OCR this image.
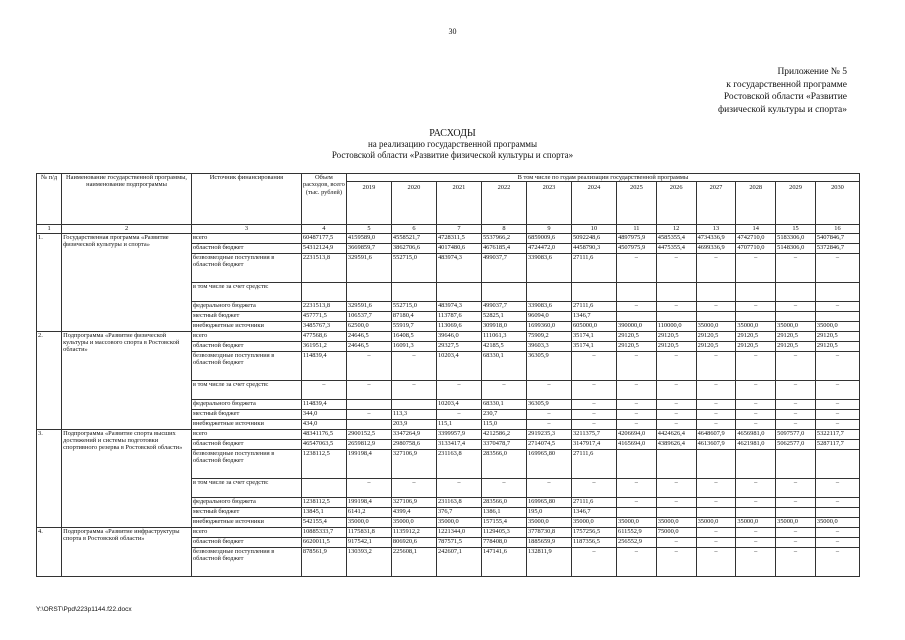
30
Приложение № 5
к государственной программе
Ростовской области «Развитие
физической культуры и спорта»
РАСХОДЫ
на реализацию государственной программы
Ростовской области «Развитие физической культуры и спорта»
№ п/д	Наименование государственной программы, наименование подпрограммы	Источник финансирования	Объем расходов, всего (тыс. рублей)	В том числе по годам реализации государственной программы											
				2019	2020	2021	2022	2023	2024	2025	2026	2027	2028	2029	2030
1	2	3	4	5	6	7	8	9	10	11	12	13	14	15	16
1.	Государственная программа «Развитие физической культуры и спорта»	всего	60487177,5	4159589,0	4558521,7	4728311,5	5537966,2	6859009,6	5092248,6	4897975,9	4585355,4	4734336,9	4742710,0	5183306,0	5407846,7
		областной бюджет	54312124,9	3669859,7	3862706,6	4017480,6	4676185,4	4724472,0	4458790,3	4507975,9	4475355,4	4699336,9	4707710,0	5148306,0	5372846,7
		безвозмездные поступления в областной бюджет	2231513,8	329591,6	552715,0	483974,3	499037,7	339083,6	27111,6	–	–	–	–	–	–
		в том числе за счет средств:													
		федерального бюджета	2231513,8	329591,6	552715,0	483974,3	499037,7	339083,6	27111,6	–	–	–	–	–	–
		местный бюджет	457771,5	106537,7	87180,4	113787,6	52825,1	96094,0	1346,7						
		внебюджетные источники	3485767,3	62500,0	55919,7	113069,6	309918,0	1699360,0	605000,0	390000,0	110000,0	35000,0	35000,0	35000,0	35000,0
2.	Подпрограмма «Развитие физической культуры и массового спорта в Ростовской области»	всего	477568,6	24646,5	16408,5	39646,0	111061,3	75909,2	35174,1	29120,5	29120,5	29120,5	29120,5	29120,5	29120,5
		областной бюджет	361951,2	24646,5	16091,3	29327,5	42185,5	39603,3	35174,1	29120,5	29120,5	29120,5	29120,5	29120,5	29120,5
		безвозмездные поступления в областной бюджет	114839,4	–	–	10203,4	68330,1	36305,9	–	–	–	–	–	–	–
		в том числе за счет средств:	–	–	–	–	–	–	–	–	–	–	–	–	–
		федерального бюджета	114839,4			10203,4	68330,1	36305,9	–	–	–	–	–	–	–
		местный бюджет	344,0	–	113,3	–	230,7	–	–	–	–	–	–	–	–
		внебюджетные источники	434,0		203,9	115,1	115,0	–	–	–	–	–	–	–	–
3.	Подпрограмма «Развитие спорта высших достижений и системы подготовки спортивного резерва в Ростовской области»	всего	48341176,5	2900152,5	3347264,9	3399957,9	4212586,2	2919235,3	3211375,7	4206694,0	4424626,4	4648607,9	4656981,0	5097577,0	5322117,7
		областной бюджет	46547063,5	2659812,9	2980758,6	3133417,4	3370478,7	2714074,5	3147917,4	4165694,0	4389626,4	4613607,9	4621981,0	5062577,0	5287117,7
		безвозмездные поступления в областной бюджет	1238112,5	199198,4	327106,9	231163,8	283566,0	169965,80	27111,6						
		в том числе за счет средств:		–	–	–	–	–	–	–	–	–	–	–	–
		федерального бюджета	1238112,5	199198,4	327106,9	231163,8	283566,0	169965,80	27111,6	–	–	–	–	–	–
		местный бюджет	13845,1	6141,2	4399,4	376,7	1386,1	195,0	1346,7						
		внебюджетные источники	542155,4	35000,0	35000,0	35000,0	157155,4	35000,0	35000,0	35000,0	35000,0	35000,0	35000,0	35000,0	35000,0
4.	Подпрограмма «Развитие инфраструктуры спорта в Ростовской области»	всего	10885333,7	1175831,8	1135912,2	1221344,0	1129405,3	3778730,8	1757256,5	611552,9	75000,0	–	–	–	–
		областной бюджет	6620011,5	917542,1	806920,6	787571,5	778408,0	1885659,9	1187356,5	256552,9	–	–	–	–	–
		безвозмездные поступления в областной бюджет	878561,9	130393,2	225608,1	242607,1	147141,6	132811,9	–	–	–	–	–	–	–
Y:\ORST\Ppd\223p1144.f22.docx
